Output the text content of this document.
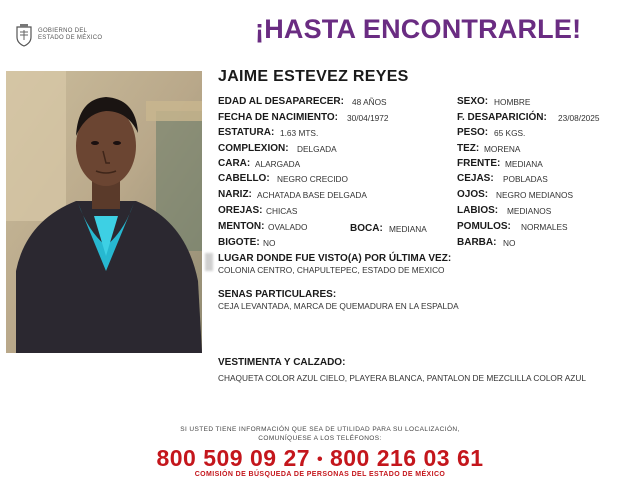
GOBIERNO DEL
ESTADO DE MÉXICO	¡HASTA ENCONTRARLE!
JAIME ESTEVEZ REYES
EDAD AL DESAPARECER: 48 AÑOS
FECHA DE NACIMIENTO: 30/04/1972
ESTATURA: 1.63 MTS.
COMPLEXION: DELGADA
CARA: ALARGADA
CABELLO: NEGRO CRECIDO
NARIZ: ACHATADA BASE DELGADA
OREJAS: CHICAS
MENTON: OVALADO	BOCA: MEDIANA
BIGOTE: NO
SEXO: HOMBRE
F. DESAPARICIÓN: 23/08/2025
PESO: 65 KGS.
TEZ: MORENA
FRENTE: MEDIANA
CEJAS: POBLADAS
OJOS: NEGRO MEDIANOS
LABIOS: MEDIANOS
POMULOS: NORMALES
BARBA: NO
LUGAR DONDE FUE VISTO(A) POR ÚLTIMA VEZ:
COLONIA CENTRO, CHAPULTEPEC, ESTADO DE MEXICO
SENAS PARTICULARES:
CEJA LEVANTADA, MARCA DE QUEMADURA EN LA ESPALDA
VESTIMENTA Y CALZADO:
CHAQUETA COLOR AZUL CIELO, PLAYERA BLANCA, PANTALON DE MEZCLILLA COLOR AZUL
SI USTED TIENE INFORMACIÓN QUE SEA DE UTILIDAD PARA SU LOCALIZACIÓN,
COMUNÍQUESE A LOS TELÉFONOS:
800 509 09 27 • 800 216 03 61
COMISIÓN DE BÚSQUEDA DE PERSONAS DEL ESTADO DE MÉXICO
